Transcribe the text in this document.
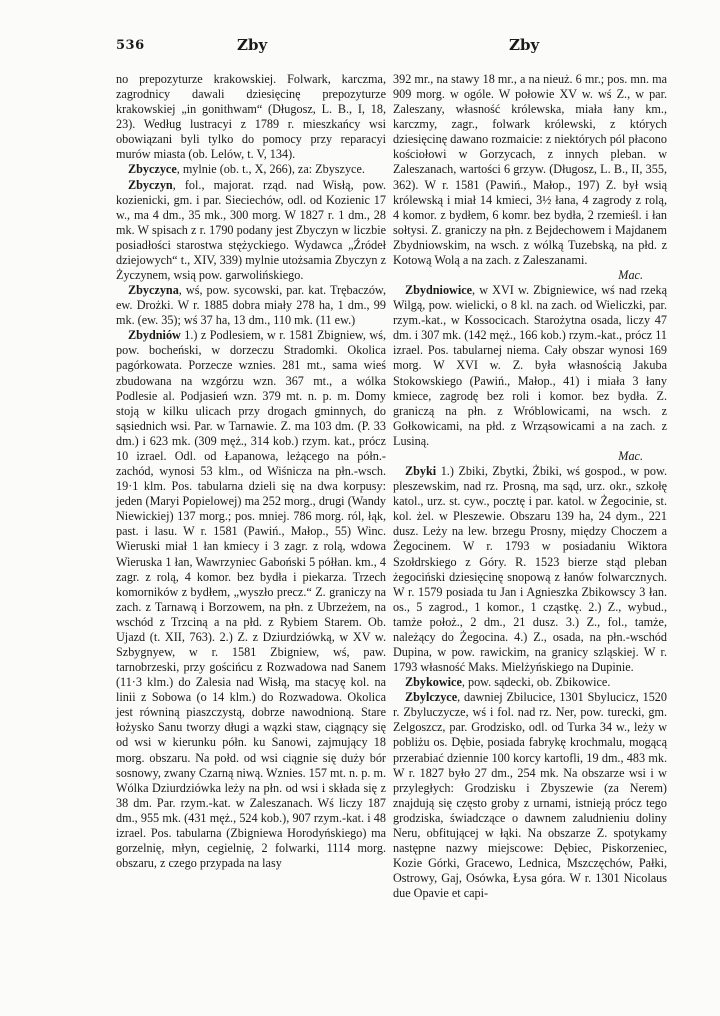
536	Zby	Zby

no prepozyturze krakowskiej. Folwark, karczma, zagrodnicy dawali dziesięcinę prepozyturze krakowskiej „in gonithwam“ (Długosz, L. B., I, 18, 23). Według lustracyi z 1789 r. mieszkańcy wsi obowiązani byli tylko do pomocy przy reparacyi murów miasta (ob. Lelów, t. V, 134).

Zbyczyce, mylnie (ob. t., X, 266), za: Zbyszyce.

Zbyczyn, fol., majorat. rząd. nad Wisłą, pow. kozienicki, gm. i par. Sieciechów, odl. od Kozienic 17 w., ma 4 dm., 35 mk., 300 morg. W 1827 r. 1 dm., 28 mk. W spisach z r. 1790 podany jest Zbyczyn w liczbie posiadłości starostwa stężyckiego. Wydawca „Źródeł dziejowych“ t., XIV, 339) mylnie utożsamia Zbyczyn z Życzynem, wsią pow. garwolińskiego.

Zbyczyna, wś, pow. sycowski, par. kat. Trębaczów, ew. Drożki. W r. 1885 dobra miały 278 ha, 1 dm., 99 mk. (ew. 35); wś 37 ha, 13 dm., 110 mk. (11 ew.)

Zbydniów 1.) z Podlesiem, w r. 1581 Zbigniew, wś, pow. bocheński, w dorzeczu Stradomki. Okolica pagórkowata. Porzecze wznies. 281 mt., sama wieś zbudowana na wzgórzu wzn. 367 mt., a wólka Podlesie al. Podjasień wzn. 379 mt. n. p. m. Domy stoją w kilku ulicach przy drogach gminnych, do sąsiednich wsi. Par. w Tarnawie. Z. ma 103 dm. (P. 33 dm.) i 623 mk. (309 męż., 314 kob.) rzym. kat., prócz 10 izrael. Odl. od Łapanowa, leżącego na półn.-zachód, wynosi 53 klm., od Wiśnicza na płn.-wsch. 19·1 klm. Pos. tabularna dzieli się na dwa korpusy: jeden (Maryi Popielowej) ma 252 morg., drugi (Wandy Niewickiej) 137 morg.; pos. mniej. 786 morg. ról, łąk, past. i lasu. W r. 1581 (Pawiń., Małop., 55) Winc. Wieruski miał 1 łan kmiecy i 3 zagr. z rolą, wdowa Wieruska 1 łan, Wawrzyniec Gaboński 5 półłan. km., 4 zagr. z rolą, 4 komor. bez bydła i piekarza. Trzech komorników z bydłem, „wyszło precz.“ Z. graniczy na zach. z Tarnawą i Borzowem, na płn. z Ubrzeżem, na wschód z Trzciną a na płd. z Rybiem Starem. Ob. Ujazd (t. XII, 763). 2.) Z. z Dziurdziówką, w XV w. Szbygnyew, w r. 1581 Zbigniew, wś, paw. tarnobrzeski, przy gościńcu z Rozwadowa nad Sanem (11·3 klm.) do Zalesia nad Wisłą, ma stacyę kol. na linii z Sobowa (o 14 klm.) do Rozwadowa. Okolica jest równiną piaszczystą, dobrze nawodnioną. Stare łożysko Sanu tworzy długi a wązki staw, ciągnący się od wsi w kierunku półn. ku Sanowi, zajmujący 18 morg. obszaru. Na połd. od wsi ciągnie się duży bór sosnowy, zwany Czarną niwą. Wznies. 157 mt. n. p. m. Wólka Dziurdziówka leży na płn. od wsi i składa się z 38 dm. Par. rzym.-kat. w Zaleszanach. Wś liczy 187 dm., 955 mk. (431 męż., 524 kob.), 907 rzym.-kat. i 48 izrael. Pos. tabularna (Zbigniewa Horodyńskiego) ma gorzelnię, młyn, cegielnię, 2 folwarki, 1114 morg. obszaru, z czego przypada na lasy

392 mr., na stawy 18 mr., a na nieuż. 6 mr.; pos. mn. ma 909 morg. w ogóle. W połowie XV w. wś Z., w par. Zaleszany, własność królewska, miała łany km., karczmy, zagr., folwark królewski, z których dziesięcinę dawano rozmaicie: z niektórych pól płacono kościołowi w Gorzycach, z innych pleban. w Zaleszanach, wartości 6 grzyw. (Długosz, L. B., II, 355, 362). W r. 1581 (Pawiń., Małop., 197) Z. był wsią królewską i miał 14 kmieci, 3½ łana, 4 zagrody z rolą, 4 komor. z bydłem, 6 komr. bez bydła, 2 rzemieśl. i łan sołtysi. Z. graniczy na płn. z Bejdechowem i Majdanem Zbydniowskim, na wsch. z wólką Tuzebską, na płd. z Kotową Wolą a na zach. z Zaleszanami.
Mac.

Zbydniowice, w XVI w. Zbigniewice, wś nad rzeką Wilgą, pow. wielicki, o 8 kl. na zach. od Wieliczki, par. rzym.-kat., w Kossocicach. Starożytna osada, liczy 47 dm. i 307 mk. (142 męż., 166 kob.) rzym.-kat., prócz 11 izrael. Pos. tabularnej niema. Cały obszar wynosi 169 morg. W XVI w. Z. była własnością Jakuba Stokowskiego (Pawiń., Małop., 41) i miała 3 łany kmiece, zagrodę bez roli i komor. bez bydła. Z. graniczą na płn. z Wróblowicami, na wsch. z Gołkowicami, na płd. z Wrząsowicami a na zach. z Lusiną.
Mac.

Zbyki 1.) Zbiki, Zbytki, Żbiki, wś gospod., w pow. pleszewskim, nad rz. Prosną, ma sąd, urz. okr., szkołę katol., urz. st. cyw., pocztę i par. katol. w Żegocinie, st. kol. żel. w Pleszewie. Obszaru 139 ha, 24 dym., 221 dusz. Leży na lew. brzegu Prosny, między Choczem a Żegocinem. W r. 1793 w posiadaniu Wiktora Szołdrskiego z Góry. R. 1523 bierze stąd pleban żegociński dziesięcinę snopową z łanów folwarcznych. W r. 1579 posiada tu Jan i Agnieszka Zbikowscy 3 łan. os., 5 zagrod., 1 komor., 1 cząstkę. 2.) Z., wybud., tamże położ., 2 dm., 21 dusz. 3.) Z., fol., tamże, należący do Żegocina. 4.) Z., osada, na płn.-wschód Dupina, w pow. rawickim, na granicy szląskiej. W r. 1793 własność Maks. Mielżyńskiego na Dupinie.

Zbykowice, pow. sądecki, ob. Zbikowice.

Zbylczyce, dawniej Zbilucice, 1301 Sbylucicz, 1520 r. Zbyluczycze, wś i fol. nad rz. Ner, pow. turecki, gm. Zelgoszcz, par. Grodzisko, odl. od Turka 34 w., leży w pobliżu os. Dębie, posiada fabrykę krochmalu, mogącą przerabiać dziennie 100 korcy kartofli, 19 dm., 483 mk. W r. 1827 było 27 dm., 254 mk. Na obszarze wsi i w przyległych: Grodzisku i Zbyszewie (za Nerem) znajdują się często groby z urnami, istnieją prócz tego grodziska, świadczące o dawnem zaludnieniu doliny Neru, obfitującej w łąki. Na obszarze Z. spotykamy następne nazwy miejscowe: Dębiec, Piskorzeniec, Kozie Górki, Gracewo, Lednica, Mszczęchów, Pałki, Ostrowy, Gaj, Osówka, Łysa góra. W r. 1301 Nicolaus due Opavie et capi-
